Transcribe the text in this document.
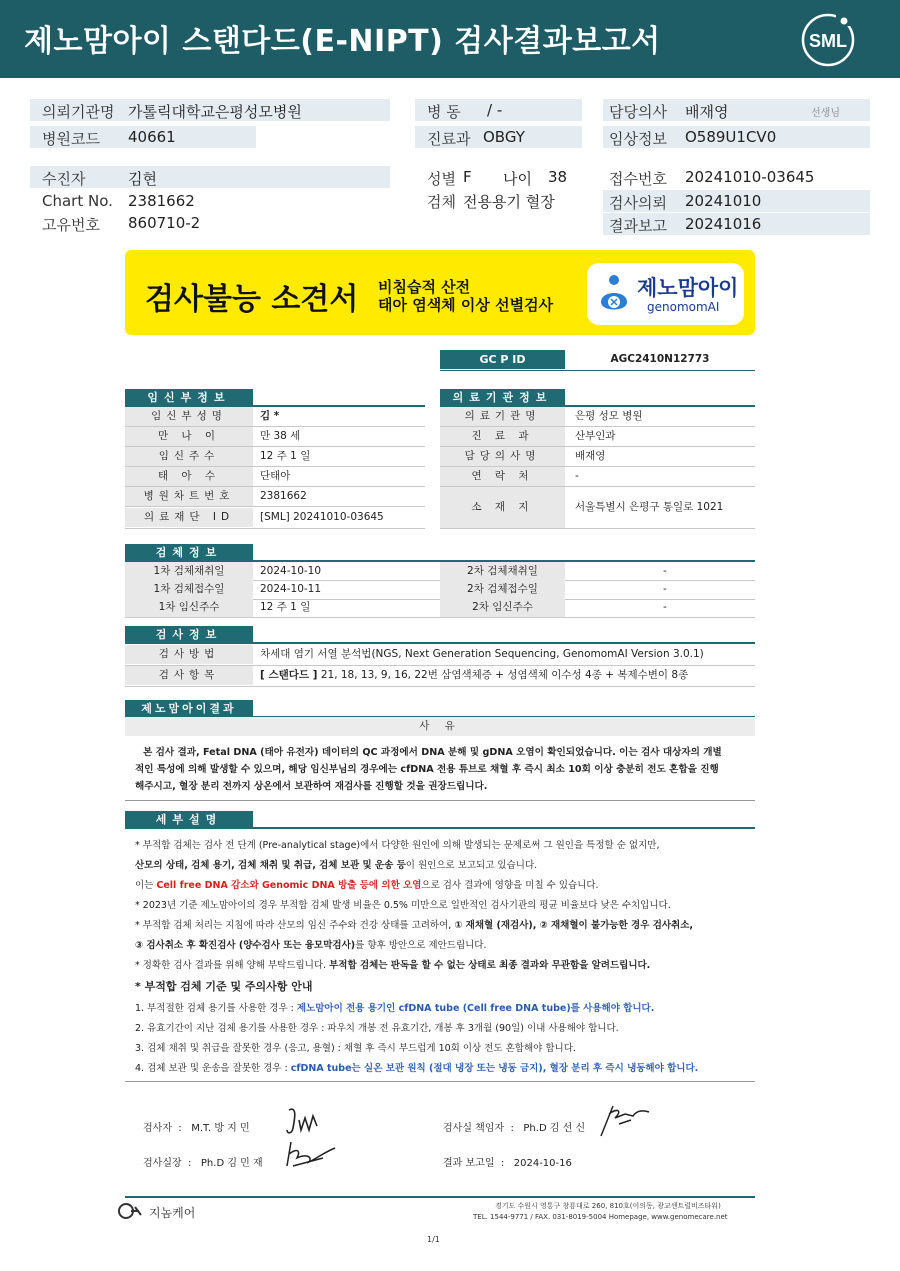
제노맘아이 스탠다드(E-NIPT) 검사결과보고서	SML
의뢰기관명 가톨릭대학교은평성모병원
병원코드 40661
병 동 / -
진료과 OBGY
담당의사 배재영	선생님
임상정보 O589U1CV0
수진자	김현
Chart No. 2381662
고유번호 860710-2
성별 F 나이 38
검체 전용용기 혈장
접수번호 20241010-03645
검사의뢰 20241010
결과보고 20241016
검사불능 소견서 비침습적 산전
태아 염색체 이상 선별검사
제노맘아이
genomomAI
GC P ID	AGC2410N12773
임신부정보
임신부성명	김 *
만 나 이	만 38 세
임신주수	12 주 1 일
태 아 수	단태아
병원차트번호	2381662
의료재단 ID	[SML] 20241010-03645
의료기관정보
의료기관명	은평 성모 병원
진 료 과	산부인과
담당의사명	배재영
연 락 처	-
소 재 지	서울특별시 은평구 통일로 1021
검체정보
1차 검체채취일	2024-10-10	2차 검체채취일	-
1차 검체접수일	2024-10-11	2차 검체접수일	-
1차 임신주수	12 주 1 일	2차 임신주수	-
검사정보
검사방법	차세대 염기 서열 분석법(NGS, Next Generation Sequencing, GenomomAI Version 3.0.1)
검사항목	[ 스탠다드 ] 21, 18, 13, 9, 16, 22번 삼염색체증 + 성염색체 이수성 4종 + 복제수변이 8종
제노맘아이결과
사 유
본 검사 결과, Fetal DNA (태아 유전자) 데이터의 QC 과정에서 DNA 분해 및 gDNA 오염이 확인되었습니다. 이는 검사 대상자의 개별
적인 특성에 의해 발생할 수 있으며, 해당 임신부님의 경우에는 cfDNA 전용 튜브로 채혈 후 즉시 최소 10회 이상 충분히 전도 혼합을 진행
해주시고, 혈장 분리 전까지 상온에서 보관하여 재검사를 진행할 것을 권장드립니다.
세부설명
* 부적합 검체는 검사 전 단계 (Pre-analytical stage)에서 다양한 원인에 의해 발생되는 문제로써 그 원인을 특정할 순 없지만,
산모의 상태, 검체 용기, 검체 채취 및 취급, 검체 보관 및 운송 등이 원인으로 보고되고 있습니다.
이는 Cell free DNA 감소와 Genomic DNA 방출 등에 의한 오염으로 검사 결과에 영향을 미칠 수 있습니다.
* 2023년 기준 제노맘아이의 경우 부적합 검체 발생 비율은 0.5% 미만으로 일반적인 검사기관의 평균 비율보다 낮은 수치입니다.
* 부적합 검체 처리는 지침에 따라 산모의 임신 주수와 건강 상태를 고려하여, ① 재채혈 (재검사), ② 재채혈이 불가능한 경우 검사취소,
③ 검사취소 후 확진검사 (양수검사 또는 융모막검사)를 향후 방안으로 제안드립니다.
* 정확한 검사 결과를 위해 양해 부탁드립니다. 부적합 검체는 판독을 할 수 없는 상태로 최종 결과와 무관함을 알려드립니다.
* 부적합 검체 기준 및 주의사항 안내
1. 부적절한 검체 용기를 사용한 경우 : 제노맘아이 전용 용기인 cfDNA tube (Cell free DNA tube)를 사용해야 합니다.
2. 유효기간이 지난 검체 용기를 사용한 경우 : 파우치 개봉 전 유효기간, 개봉 후 3개월 (90일) 이내 사용해야 합니다.
3. 검체 채취 및 취급을 잘못한 경우 (응고, 용혈) : 채혈 후 즉시 부드럽게 10회 이상 전도 혼합해야 합니다.
4. 검체 보관 및 운송을 잘못한 경우 : cfDNA tube는 실온 보관 원칙 (절대 냉장 또는 냉동 금지), 혈장 분리 후 즉시 냉동해야 합니다.
검사자  :   M.T. 방 지 민
검사실장  :   Ph.D 김 민 재
검사실 책임자  :   Ph.D 김 선 신
결과 보고일  :   2024-10-16
지놈케어	경기도 수원시 영통구 창룡대로 260, 810호(이의동, 광교센트럴비즈타워)
TEL. 1544-9771 / FAX. 031-8019-5004 Homepage, www.genomecare.net
1/1
